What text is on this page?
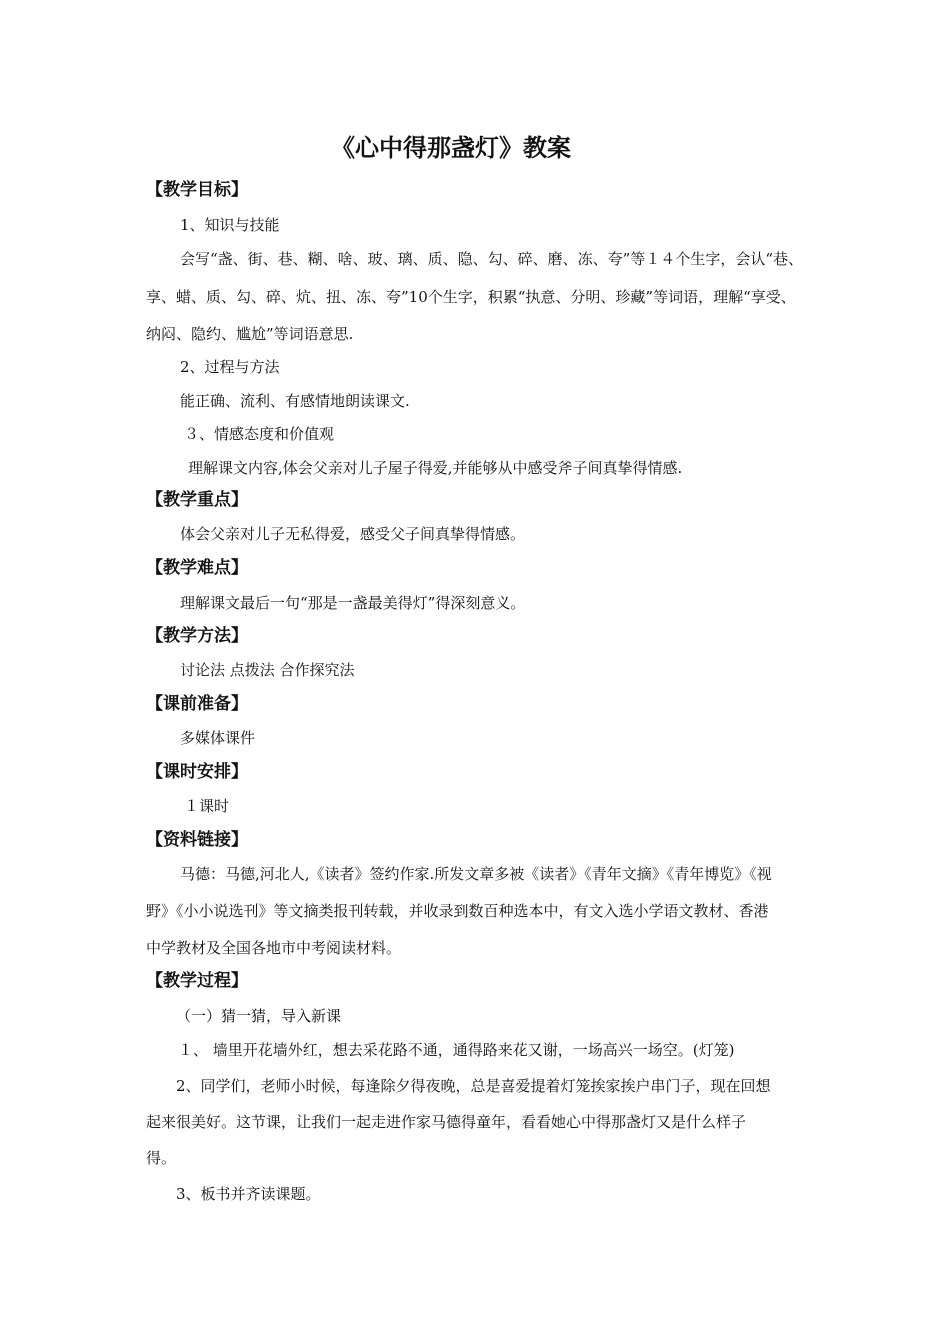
《心中得那盏灯》教案
【教学目标】
1、知识与技能
会写“盏、街、巷、糊、啥、玻、璃、质、隐、勾、碎、磨、冻、夸”等１４个生字，会认“巷、
享、蜡、质、勾、碎、炕、扭、冻、夸”10个生字，积累“执意、分明、珍藏”等词语，理解“享受、
纳闷、隐约、尴尬”等词语意思.
2、过程与方法
能正确、流利、有感情地朗读课文.
３、情感态度和价值观
理解课文内容,体会父亲对儿子屋子得爱,并能够从中感受斧子间真挚得情感.
【教学重点】
体会父亲对儿子无私得爱，感受父子间真挚得情感。
【教学难点】
理解课文最后一句“那是一盏最美得灯”得深刻意义。
【教学方法】
讨论法 点拨法 合作探究法
【课前准备】
多媒体课件
【课时安排】
１课时
【资料链接】
马德：马德,河北人,《读者》签约作家.所发文章多被《读者》《青年文摘》《青年博览》《视
野》《小小说选刊》等文摘类报刊转载，并收录到数百种选本中，有文入选小学语文教材、香港
中学教材及全国各地市中考阅读材料。
【教学过程】
（一）猜一猜，导入新课
１、 墙里开花墙外红，想去采花路不通，通得路来花又谢，一场高兴一场空。(灯笼)
2、同学们，老师小时候，每逢除夕得夜晚，总是喜爱提着灯笼挨家挨户串门子，现在回想
起来很美好。这节课，让我们一起走进作家马德得童年，看看她心中得那盏灯又是什么样子
得。
3、板书并齐读课题。
